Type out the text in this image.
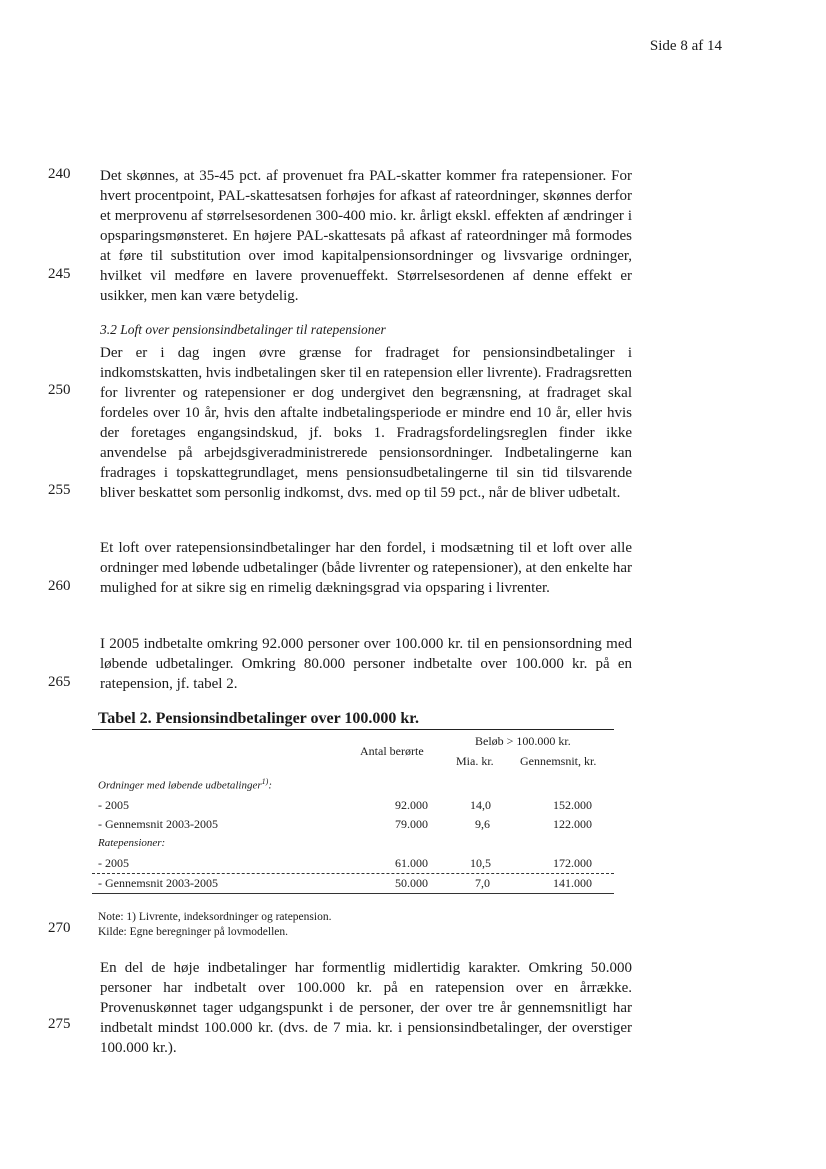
Side 8 af 14
240
245
250
255
260
265
270
275
Det skønnes, at 35-45 pct. af provenuet fra PAL-skatter kommer fra ratepensioner. For hvert procentpoint, PAL-skattesatsen forhøjes for afkast af rateordninger, skønnes derfor et merprovenu af størrelsesordenen 300-400 mio. kr. årligt ekskl. effekten af ændringer i opsparingsmønsteret. En højere PAL-skattesats på afkast af rateordninger må formodes at føre til substitution over imod kapitalpensionsordninger og livsvarige ordninger, hvilket vil medføre en lavere provenueffekt. Størrelsesordenen af denne effekt er usikker, men kan være betydelig.
3.2 Loft over pensionsindbetalinger til ratepensioner
Der er i dag ingen øvre grænse for fradraget for pensionsindbetalinger i indkomstskatten, hvis indbetalingen sker til en ratepension eller livrente). Fradragsretten for livrenter og ratepensioner er dog undergivet den begrænsning, at fradraget skal fordeles over 10 år, hvis den aftalte indbetalingsperiode er mindre end 10 år, eller hvis der foretages engangsindskud, jf. boks 1. Fradragsfordelingsreglen finder ikke anvendelse på arbejdsgiveradministrerede pensionsordninger. Indbetalingerne kan fradrages i topskattegrundlaget, mens pensionsudbetalingerne til sin tid tilsvarende bliver beskattet som personlig indkomst, dvs. med op til 59 pct., når de bliver udbetalt.
Et loft over ratepensionsindbetalinger har den fordel, i modsætning til et loft over alle ordninger med løbende udbetalinger (både livrenter og ratepensioner), at den enkelte har mulighed for at sikre sig en rimelig dækningsgrad via opsparing i livrenter.
I 2005 indbetalte omkring 92.000 personer over 100.000 kr. til en pensionsordning med løbende udbetalinger. Omkring 80.000 personer indbetalte over 100.000 kr. på en ratepension, jf. tabel 2.
Tabel 2. Pensionsindbetalinger over 100.000 kr.
Antal berørte
Beløb > 100.000 kr.
Mia. kr. Gennemsnit, kr.
Ordninger med løbende udbetalinger$^{1)}$:
- 2005	92.000	14,0	152.000
- Gennemsnit 2003-2005	79.000	9,6	122.000
Ratepensioner:
- 2005	61.000	10,5	172.000
- Gennemsnit 2003-2005	50.000	7,0	141.000
Note: 1) Livrente, indeksordninger og ratepension.
Kilde: Egne beregninger på lovmodellen.
En del de høje indbetalinger har formentlig midlertidig karakter. Omkring 50.000 personer har indbetalt over 100.000 kr. på en ratepension over en årrække. Provenuskønnet tager udgangspunkt i de personer, der over tre år gennemsnitligt har indbetalt mindst 100.000 kr. (dvs. de 7 mia. kr. i pensionsindbetalinger, der overstiger 100.000 kr.).
